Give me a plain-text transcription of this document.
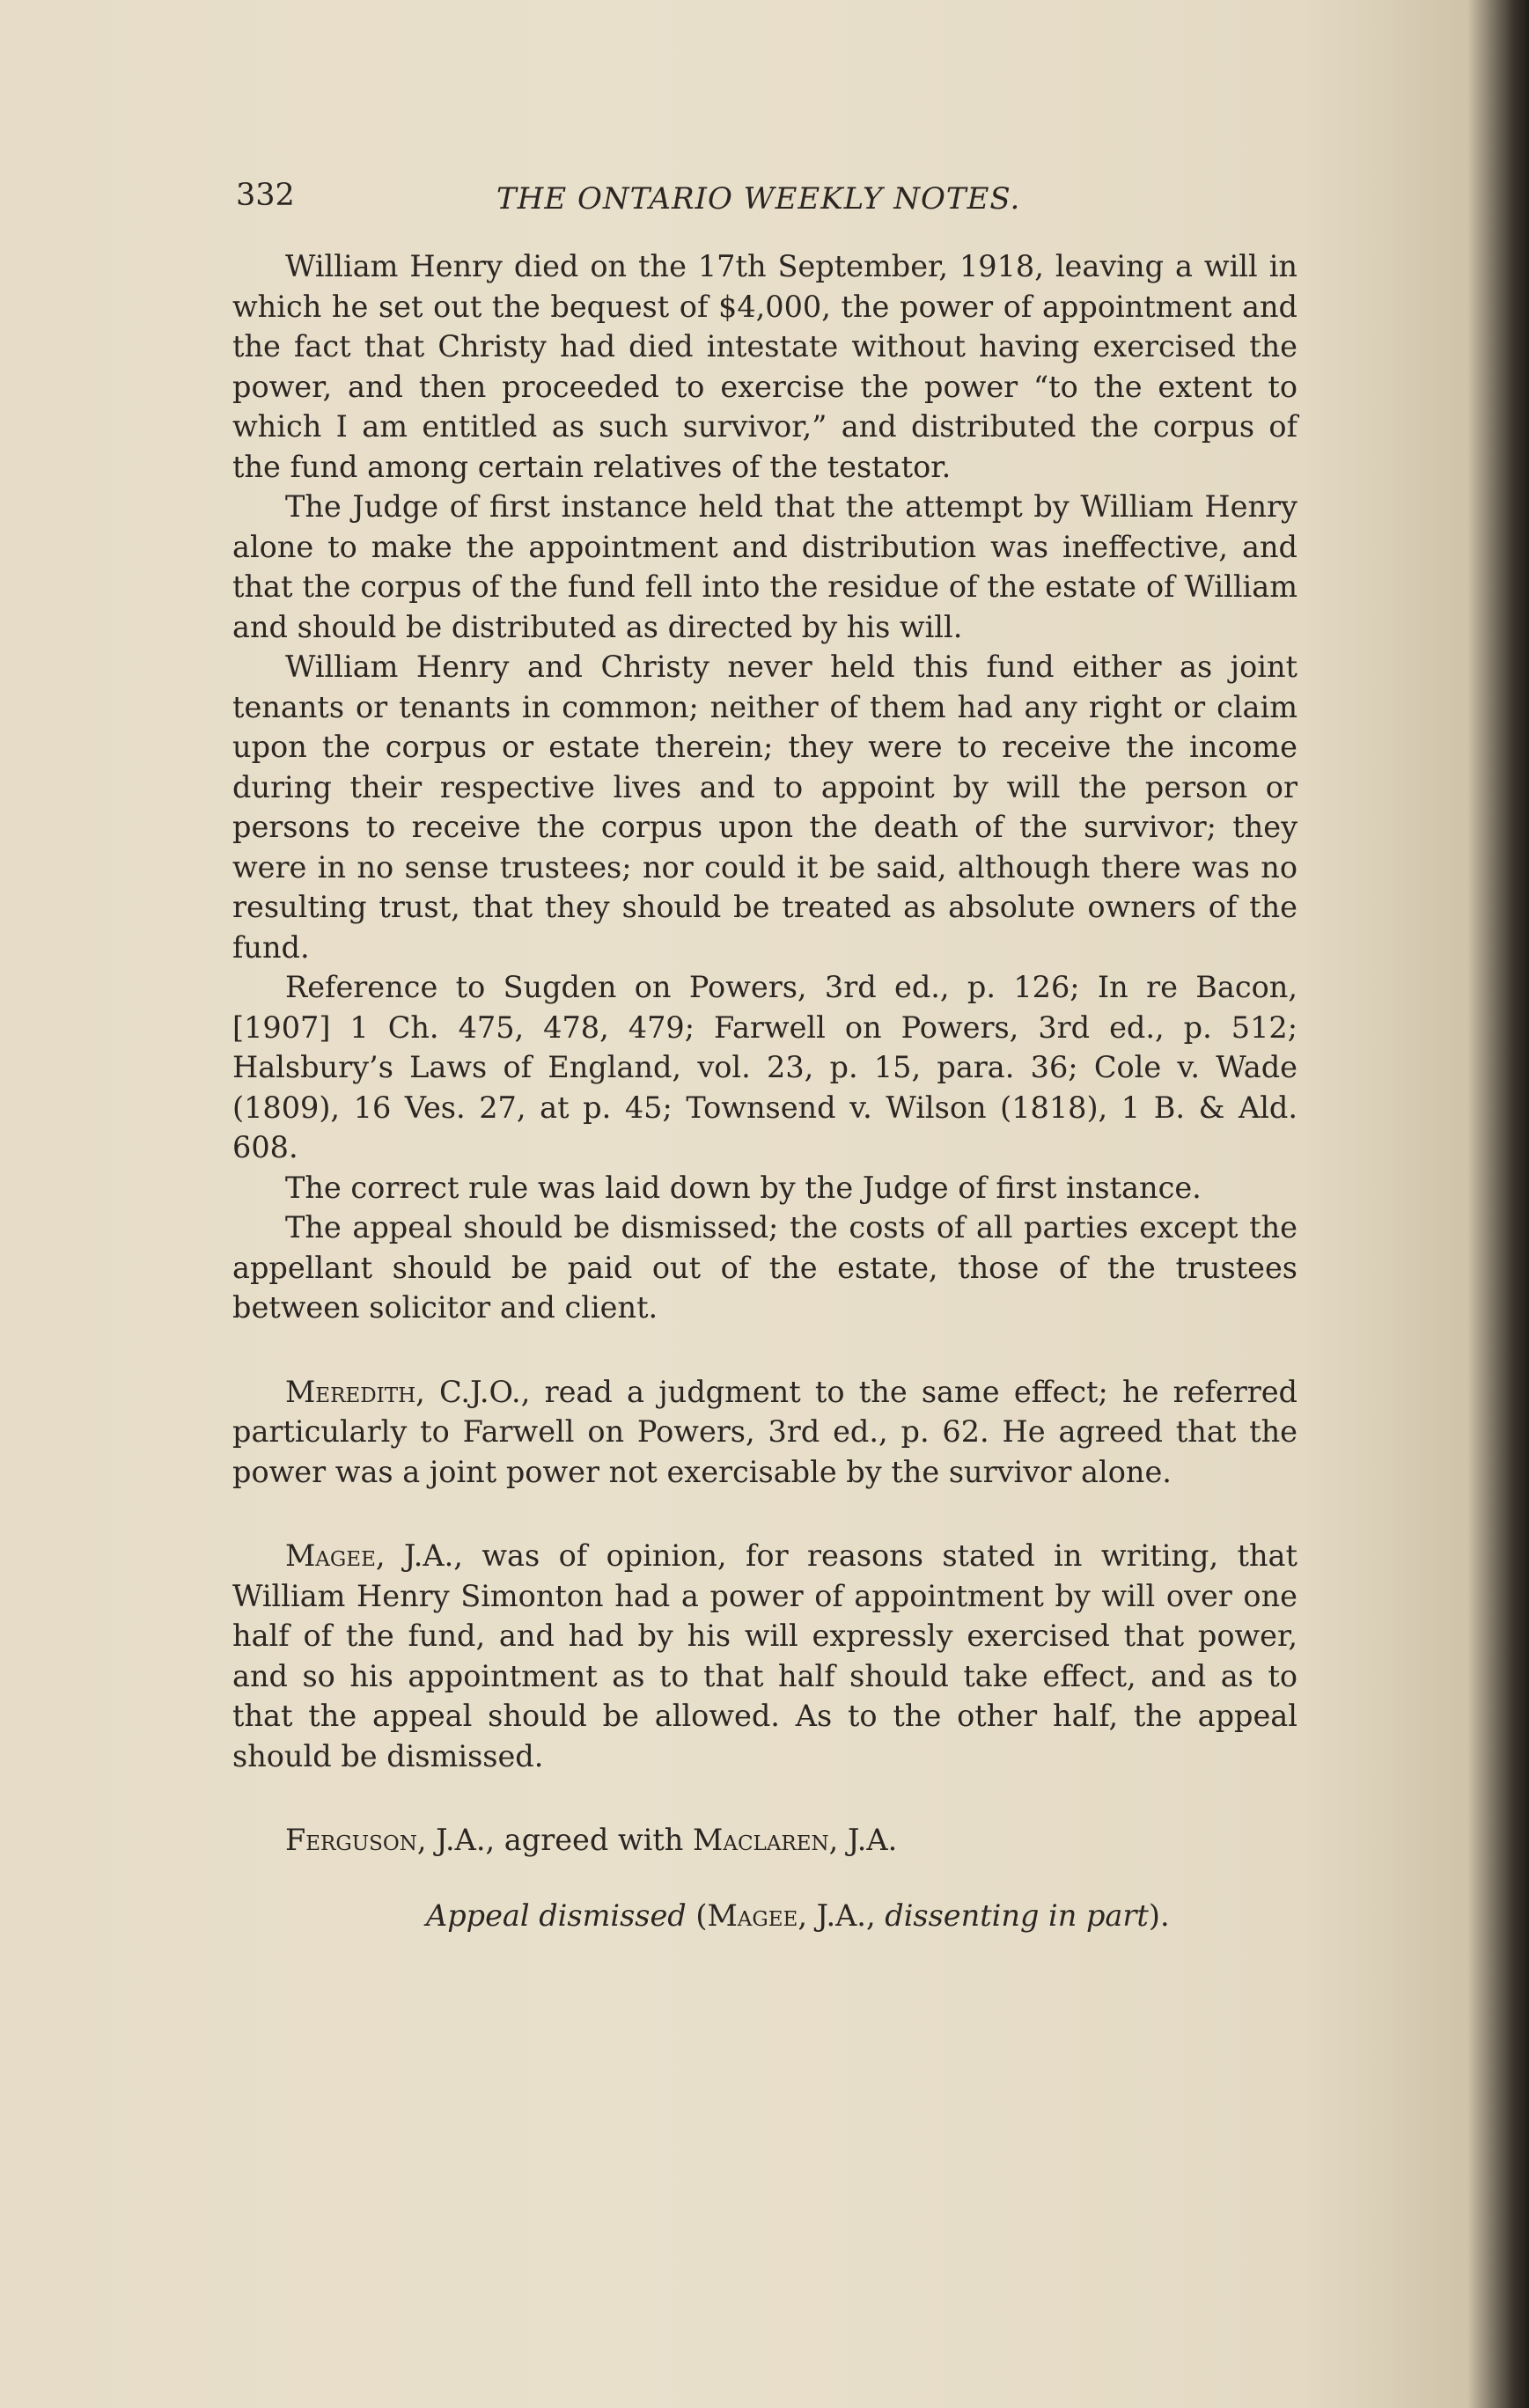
332	THE ONTARIO WEEKLY NOTES.

William Henry died on the 17th September, 1918, leaving a will in which he set out the bequest of $4,000, the power of appointment and the fact that Christy had died intestate without having exercised the power, and then proceeded to exercise the power “to the extent to which I am entitled as such survivor,” and distributed the corpus of the fund among certain relatives of the testator.

The Judge of first instance held that the attempt by William Henry alone to make the appointment and distribution was ineffective, and that the corpus of the fund fell into the residue of the estate of William and should be distributed as directed by his will.

William Henry and Christy never held this fund either as joint tenants or tenants in common; neither of them had any right or claim upon the corpus or estate therein; they were to receive the income during their respective lives and to appoint by will the person or persons to receive the corpus upon the death of the survivor; they were in no sense trustees; nor could it be said, although there was no resulting trust, that they should be treated as absolute owners of the fund.

Reference to Sugden on Powers, 3rd ed., p. 126; In re Bacon, [1907] 1 Ch. 475, 478, 479; Farwell on Powers, 3rd ed., p. 512; Halsbury’s Laws of England, vol. 23, p. 15, para. 36; Cole v. Wade (1809), 16 Ves. 27, at p. 45; Townsend v. Wilson (1818), 1 B. & Ald. 608.

The correct rule was laid down by the Judge of first instance.

The appeal should be dismissed; the costs of all parties except the appellant should be paid out of the estate, those of the trustees between solicitor and client.

Meredith, C.J.O., read a judgment to the same effect; he referred particularly to Farwell on Powers, 3rd ed., p. 62. He agreed that the power was a joint power not exercisable by the survivor alone.

Magee, J.A., was of opinion, for reasons stated in writing, that William Henry Simonton had a power of appointment by will over one half of the fund, and had by his will expressly exercised that power, and so his appointment as to that half should take effect, and as to that the appeal should be allowed. As to the other half, the appeal should be dismissed.

Ferguson, J.A., agreed with Maclaren, J.A.

Appeal dismissed (Magee, J.A., dissenting in part).
